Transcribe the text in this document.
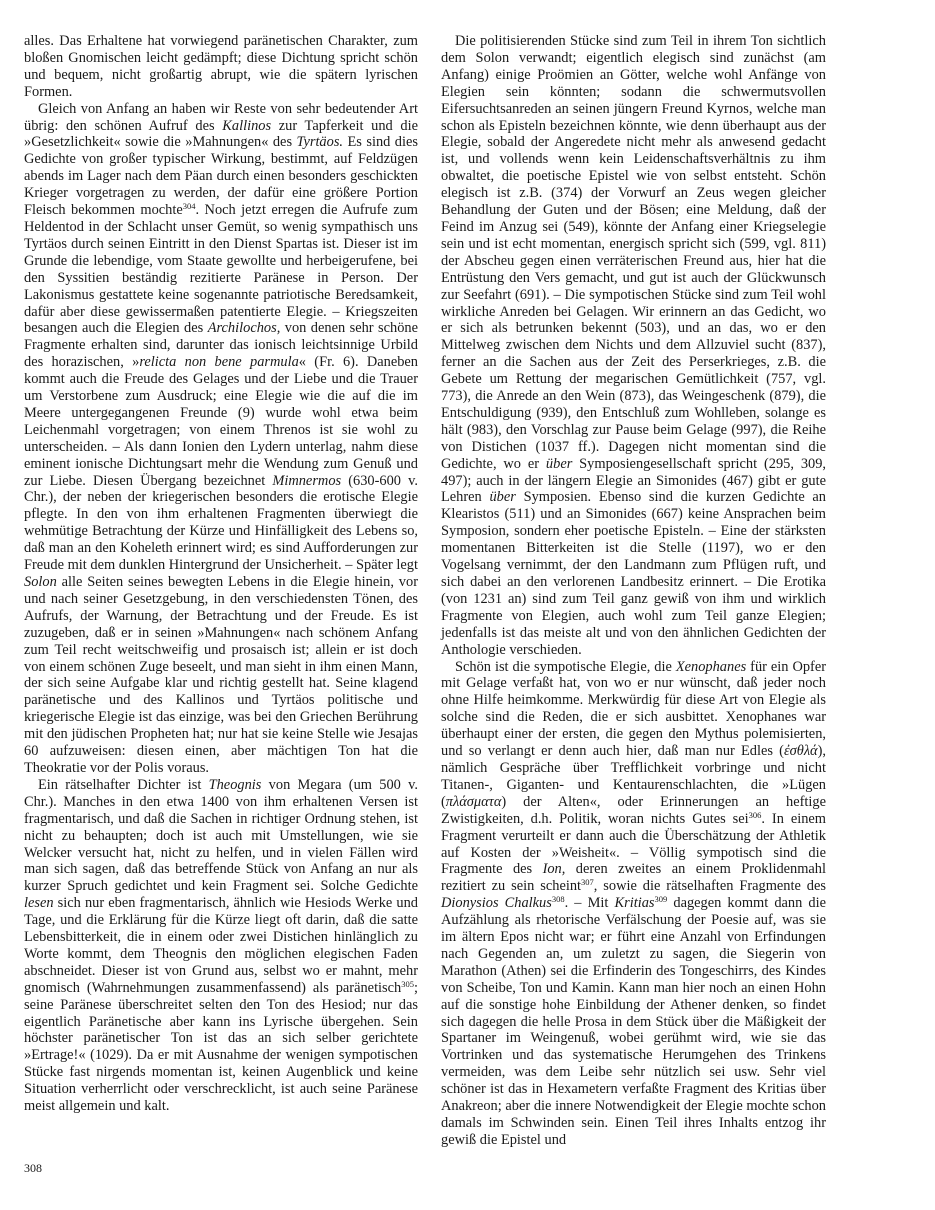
alles. Das Erhaltene hat vorwiegend paränetischen Charakter, zum bloßen Gnomischen leicht gedämpft; diese Dichtung spricht schön und bequem, nicht großartig abrupt, wie die spätern lyrischen Formen.

Gleich von Anfang an haben wir Reste von sehr bedeutender Art übrig: den schönen Aufruf des Kallinos zur Tapferkeit und die »Gesetzlichkeit« sowie die »Mahnungen« des Tyrtäos. Es sind dies Gedichte von großer typischer Wirkung, bestimmt, auf Feldzügen abends im Lager nach dem Päan durch einen besonders geschickten Krieger vorgetragen zu werden, der dafür eine größere Portion Fleisch bekommen mochte$^{304}$. Noch jetzt erregen die Aufrufe zum Heldentod in der Schlacht unser Gemüt, so wenig sympathisch uns Tyrtäos durch seinen Eintritt in den Dienst Spartas ist. Dieser ist im Grunde die lebendige, vom Staate gewollte und herbeigerufene, bei den Syssitien beständig rezitierte Paränese in Person. Der Lakonismus gestattete keine sogenannte patriotische Beredsamkeit, dafür aber diese gewissermaßen patentierte Elegie. – Kriegszeiten besangen auch die Elegien des Archilochos, von denen sehr schöne Fragmente erhalten sind, darunter das ionisch leichtsinnige Urbild des horazischen, »relicta non bene parmula« (Fr. 6). Daneben kommt auch die Freude des Gelages und der Liebe und die Trauer um Verstorbene zum Ausdruck; eine Elegie wie die auf die im Meere untergegangenen Freunde (9) wurde wohl etwa beim Leichenmahl vorgetragen; von einem Threnos ist sie wohl zu unterscheiden. – Als dann Ionien den Lydern unterlag, nahm diese eminent ionische Dichtungsart mehr die Wendung zum Genuß und zur Liebe. Diesen Übergang bezeichnet Mimnermos (630-600 v. Chr.), der neben der kriegerischen besonders die erotische Elegie pflegte. In den von ihm erhaltenen Fragmenten überwiegt die wehmütige Betrachtung der Kürze und Hinfälligkeit des Lebens so, daß man an den Koheleth erinnert wird; es sind Aufforderungen zur Freude mit dem dunklen Hintergrund der Unsicherheit. – Später legt Solon alle Seiten seines bewegten Lebens in die Elegie hinein, vor und nach seiner Gesetzgebung, in den verschiedensten Tönen, des Aufrufs, der Warnung, der Betrachtung und der Freude. Es ist zuzugeben, daß er in seinen »Mahnungen« nach schönem Anfang zum Teil recht weitschweifig und prosaisch ist; allein er ist doch von einem schönen Zuge beseelt, und man sieht in ihm einen Mann, der sich seine Aufgabe klar und richtig gestellt hat. Seine klagend paränetische und des Kallinos und Tyrtäos politische und kriegerische Elegie ist das einzige, was bei den Griechen Berührung mit den jüdischen Propheten hat; nur hat sie keine Stelle wie Jesajas 60 aufzuweisen: diesen einen, aber mächtigen Ton hat die Theokratie vor der Polis voraus.

Ein rätselhafter Dichter ist Theognis von Megara (um 500 v. Chr.). Manches in den etwa 1400 von ihm erhaltenen Versen ist fragmentarisch, und daß die Sachen in richtiger Ordnung stehen, ist nicht zu behaupten; doch ist auch mit Umstellungen, wie sie Welcker versucht hat, nicht zu helfen, und in vielen Fällen wird man sich sagen, daß das betreffende Stück von Anfang an nur als kurzer Spruch gedichtet und kein Fragment sei. Solche Gedichte lesen sich nur eben fragmentarisch, ähnlich wie Hesiods Werke und Tage, und die Erklärung für die Kürze liegt oft darin, daß die satte Lebensbitterkeit, die in einem oder zwei Distichen hinlänglich zu Worte kommt, dem Theognis den möglichen elegischen Faden abschneidet. Dieser ist von Grund aus, selbst wo er mahnt, mehr gnomisch (Wahrnehmungen zusammenfassend) als paränetisch$^{305}$; seine Paränese überschreitet selten den Ton des Hesiod; nur das eigentlich Paränetische aber kann ins Lyrische übergehen. Sein höchster paränetischer Ton ist das an sich selber gerichtete »Ertrage!« (1029). Da er mit Ausnahme der wenigen sympotischen Stücke fast nirgends momentan ist, keinen Augenblick und keine Situation verherrlicht oder verschrecklicht, ist auch seine Paränese meist allgemein und kalt.

Die politisierenden Stücke sind zum Teil in ihrem Ton sichtlich dem Solon verwandt; eigentlich elegisch sind zunächst (am Anfang) einige Proömien an Götter, welche wohl Anfänge von Elegien sein könnten; sodann die schwermutsvollen Eifersuchtsanreden an seinen jüngern Freund Kyrnos, welche man schon als Episteln bezeichnen könnte, wie denn überhaupt aus der Elegie, sobald der Angeredete nicht mehr als anwesend gedacht ist, und vollends wenn kein Leidenschaftsverhältnis zu ihm obwaltet, die poetische Epistel wie von selbst entsteht. Schön elegisch ist z.B. (374) der Vorwurf an Zeus wegen gleicher Behandlung der Guten und der Bösen; eine Meldung, daß der Feind im Anzug sei (549), könnte der Anfang einer Kriegselegie sein und ist echt momentan, energisch spricht sich (599, vgl. 811) der Abscheu gegen einen verräterischen Freund aus, hier hat die Entrüstung den Vers gemacht, und gut ist auch der Glückwunsch zur Seefahrt (691). – Die sympotischen Stücke sind zum Teil wohl wirkliche Anreden bei Gelagen. Wir erinnern an das Gedicht, wo er sich als betrunken bekennt (503), und an das, wo er den Mittelweg zwischen dem Nichts und dem Allzuviel sucht (837), ferner an die Sachen aus der Zeit des Perserkrieges, z.B. die Gebete um Rettung der megarischen Gemütlichkeit (757, vgl. 773), die Anrede an den Wein (873), das Weingeschenk (879), die Entschuldigung (939), den Entschluß zum Wohlleben, solange es hält (983), den Vorschlag zur Pause beim Gelage (997), die Reihe von Distichen (1037 ff.). Dagegen nicht momentan sind die Gedichte, wo er über Symposiengesellschaft spricht (295, 309, 497); auch in der längern Elegie an Simonides (467) gibt er gute Lehren über Symposien. Ebenso sind die kurzen Gedichte an Klearistos (511) und an Simonides (667) keine Ansprachen beim Symposion, sondern eher poetische Episteln. – Eine der stärksten momentanen Bitterkeiten ist die Stelle (1197), wo er den Vogelsang vernimmt, der den Landmann zum Pflügen ruft, und sich dabei an den verlorenen Landbesitz erinnert. – Die Erotika (von 1231 an) sind zum Teil ganz gewiß von ihm und wirklich Fragmente von Elegien, auch wohl zum Teil ganze Elegien; jedenfalls ist das meiste alt und von den ähnlichen Gedichten der Anthologie verschieden.

Schön ist die sympotische Elegie, die Xenophanes für ein Opfer mit Gelage verfaßt hat, von wo er nur wünscht, daß jeder noch ohne Hilfe heimkomme. Merkwürdig für diese Art von Elegie als solche sind die Reden, die er sich ausbittet. Xenophanes war überhaupt einer der ersten, die gegen den Mythus polemisierten, und so verlangt er denn auch hier, daß man nur Edles (ἐσθλά), nämlich Gespräche über Trefflichkeit vorbringe und nicht Titanen-, Giganten- und Kentaurenschlachten, die »Lügen (πλάσματα) der Alten«, oder Erinnerungen an heftige Zwistigkeiten, d.h. Politik, woran nichts Gutes sei$^{306}$. In einem Fragment verurteilt er dann auch die Überschätzung der Athletik auf Kosten der »Weisheit«. – Völlig sympotisch sind die Fragmente des Ion, deren zweites an einem Proklidenmahl rezitiert zu sein scheint$^{307}$, sowie die rätselhaften Fragmente des Dionysios Chalkus$^{308}$. – Mit Kritias$^{309}$ dagegen kommt dann die Aufzählung als rhetorische Verfälschung der Poesie auf, was sie im ältern Epos nicht war; er führt eine Anzahl von Erfindungen nach Gegenden an, um zuletzt zu sagen, die Siegerin von Marathon (Athen) sei die Erfinderin des Tongeschirrs, des Kindes von Scheibe, Ton und Kamin. Kann man hier noch an einen Hohn auf die sonstige hohe Einbildung der Athener denken, so findet sich dagegen die helle Prosa in dem Stück über die Mäßigkeit der Spartaner im Weingenuß, wobei gerühmt wird, wie sie das Vortrinken und das systematische Herumgehen des Trinkens vermeiden, was dem Leibe sehr nützlich sei usw. Sehr viel schöner ist das in Hexametern verfaßte Fragment des Kritias über Anakreon; aber die innere Notwendigkeit der Elegie mochte schon damals im Schwinden sein. Einen Teil ihres Inhalts entzog ihr gewiß die Epistel und

308
